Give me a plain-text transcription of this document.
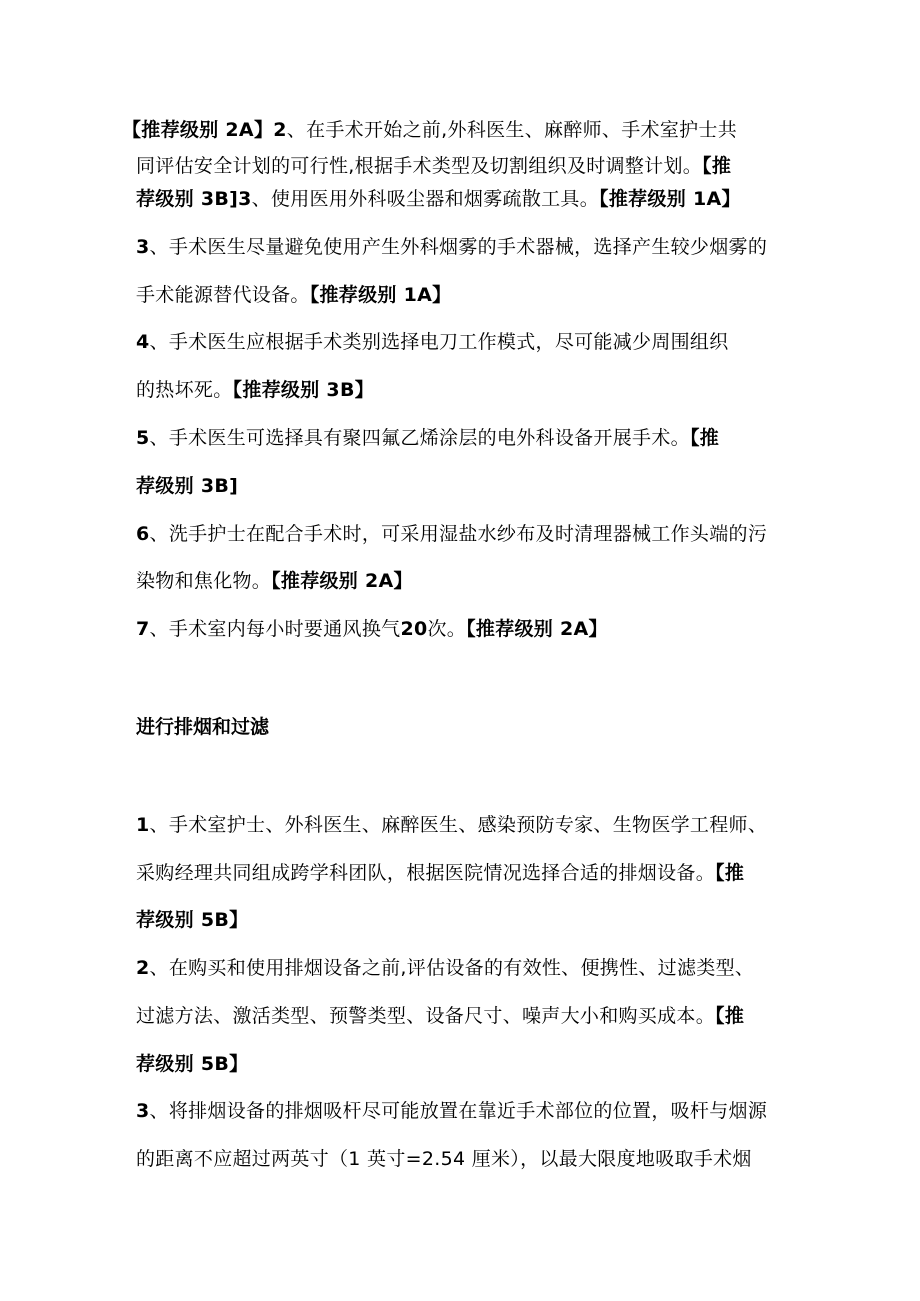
【推荐级别 2A】2、在手术开始之前,外科医生、麻醉师、手术室护士共
同评估安全计划的可行性,根据手术类型及切割组织及时调整计划。【推
荐级别 3B]3、使用医用外科吸尘器和烟雾疏散工具。【推荐级别 1A】
3、手术医生尽量避免使用产生外科烟雾的手术器械，选择产生较少烟雾的
手术能源替代设备。【推荐级别 1A】
4、手术医生应根据手术类别选择电刀工作模式，尽可能减少周围组织
的热坏死。【推荐级别 3B】
5、手术医生可选择具有聚四氟乙烯涂层的电外科设备开展手术。【推
荐级别 3B]
6、洗手护士在配合手术时，可采用湿盐水纱布及时清理器械工作头端的污
染物和焦化物。【推荐级别 2A】
7、手术室内每小时要通风换气20次。【推荐级别 2A】
进行排烟和过滤
1、手术室护士、外科医生、麻醉医生、感染预防专家、生物医学工程师、
采购经理共同组成跨学科团队，根据医院情况选择合适的排烟设备。【推
荐级别 5B】
2、在购买和使用排烟设备之前,评估设备的有效性、便携性、过滤类型、
过滤方法、激活类型、预警类型、设备尺寸、噪声大小和购买成本。【推
荐级别 5B】
3、将排烟设备的排烟吸杆尽可能放置在靠近手术部位的位置，吸杆与烟源
的距离不应超过两英寸（1 英寸=2.54 厘米），以最大限度地吸取手术烟
